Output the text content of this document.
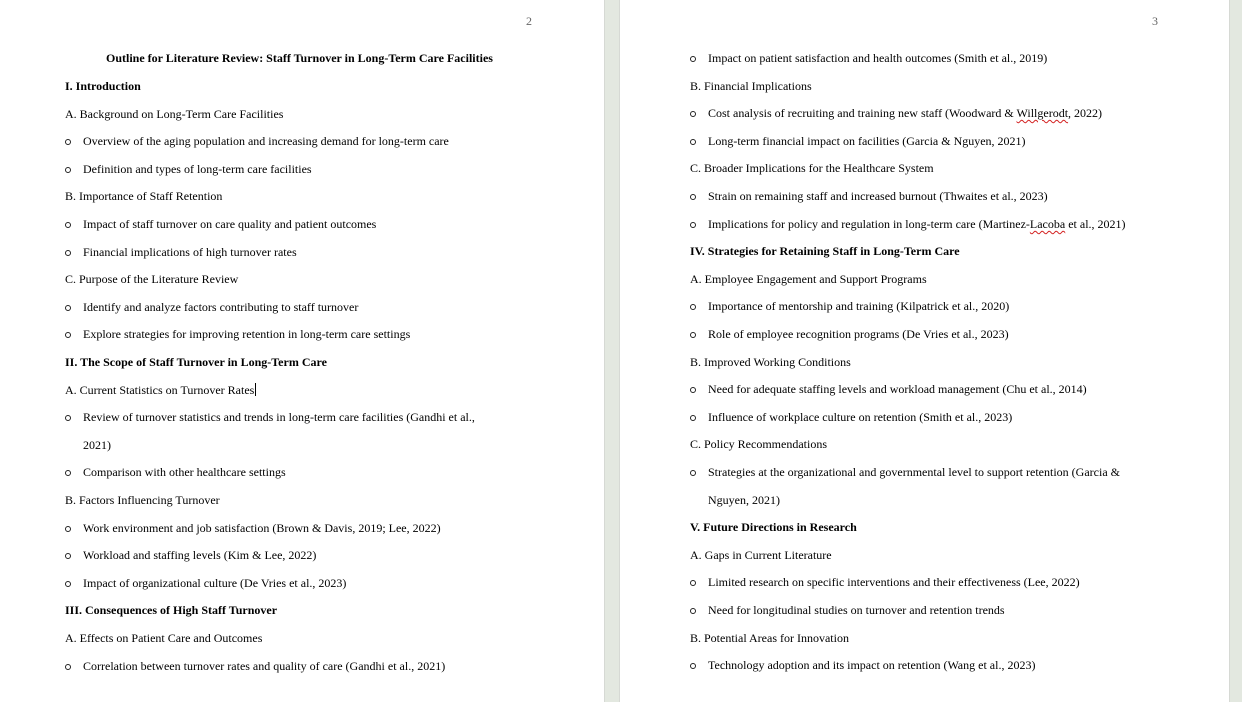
2
Outline for Literature Review: Staff Turnover in Long-Term Care Facilities
I. Introduction
A. Background on Long-Term Care Facilities
Overview of the aging population and increasing demand for long-term care
Definition and types of long-term care facilities
B. Importance of Staff Retention
Impact of staff turnover on care quality and patient outcomes
Financial implications of high turnover rates
C. Purpose of the Literature Review
Identify and analyze factors contributing to staff turnover
Explore strategies for improving retention in long-term care settings
II. The Scope of Staff Turnover in Long-Term Care
A. Current Statistics on Turnover Rates
Review of turnover statistics and trends in long-term care facilities (Gandhi et al.,
2021)
Comparison with other healthcare settings
B. Factors Influencing Turnover
Work environment and job satisfaction (Brown & Davis, 2019; Lee, 2022)
Workload and staffing levels (Kim & Lee, 2022)
Impact of organizational culture (De Vries et al., 2023)
III. Consequences of High Staff Turnover
A. Effects on Patient Care and Outcomes
Correlation between turnover rates and quality of care (Gandhi et al., 2021)
3
Impact on patient satisfaction and health outcomes (Smith et al., 2019)
B. Financial Implications
Cost analysis of recruiting and training new staff (Woodward & Willgerodt, 2022)
Long-term financial impact on facilities (Garcia & Nguyen, 2021)
C. Broader Implications for the Healthcare System
Strain on remaining staff and increased burnout (Thwaites et al., 2023)
Implications for policy and regulation in long-term care (Martinez-Lacoba et al., 2021)
IV. Strategies for Retaining Staff in Long-Term Care
A. Employee Engagement and Support Programs
Importance of mentorship and training (Kilpatrick et al., 2020)
Role of employee recognition programs (De Vries et al., 2023)
B. Improved Working Conditions
Need for adequate staffing levels and workload management (Chu et al., 2014)
Influence of workplace culture on retention (Smith et al., 2023)
C. Policy Recommendations
Strategies at the organizational and governmental level to support retention (Garcia &
Nguyen, 2021)
V. Future Directions in Research
A. Gaps in Current Literature
Limited research on specific interventions and their effectiveness (Lee, 2022)
Need for longitudinal studies on turnover and retention trends
B. Potential Areas for Innovation
Technology adoption and its impact on retention (Wang et al., 2023)
